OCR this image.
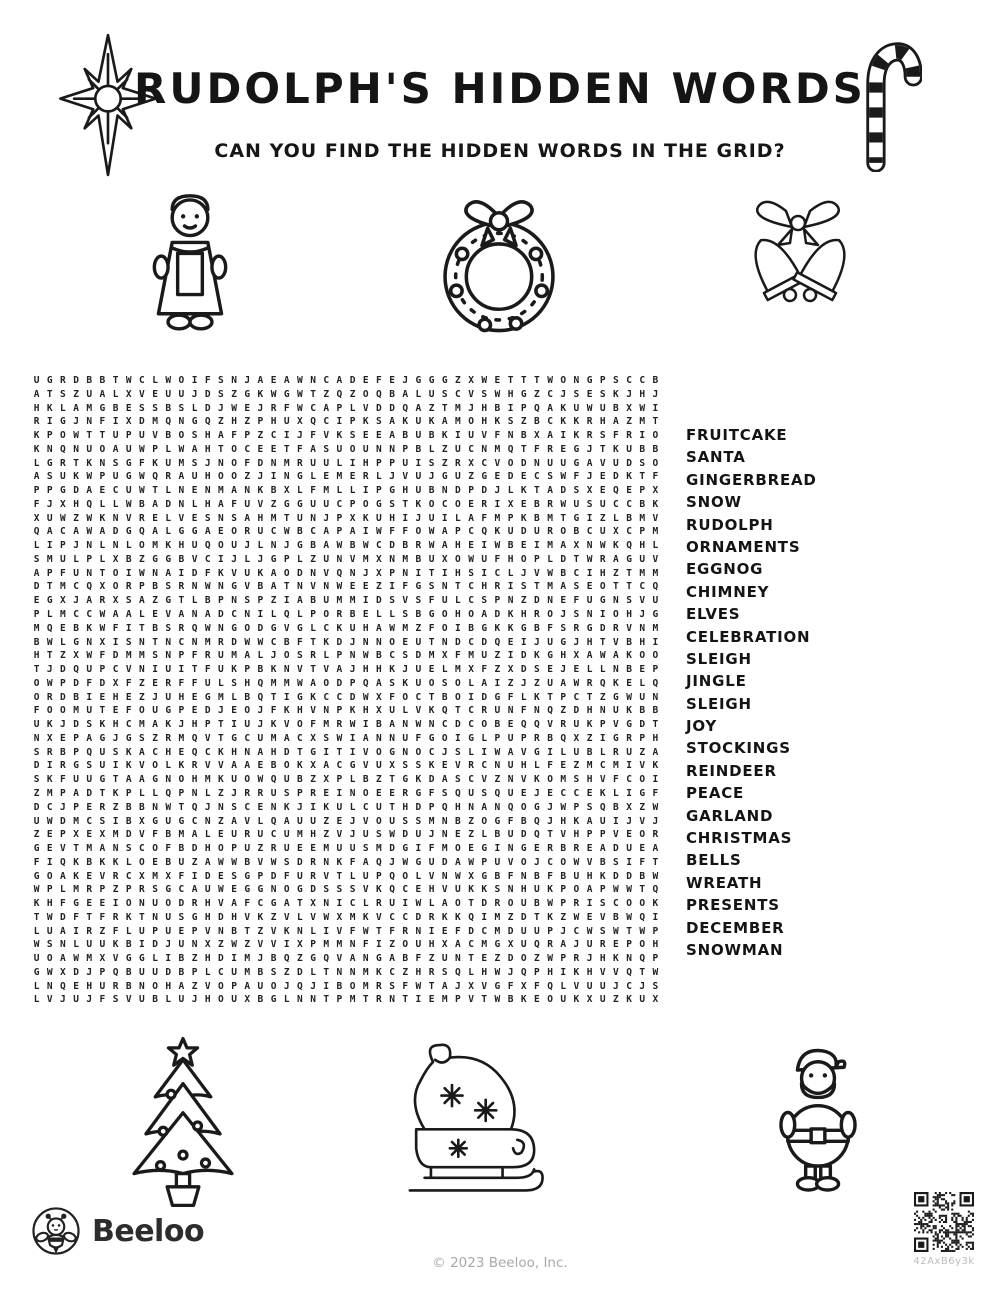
RUDOLPH'S HIDDEN WORDS
CAN YOU FIND THE HIDDEN WORDS IN THE GRID?
U G R D B B T W C L W O I F S N J A E A W N C A D E F E J G G G Z X W E T T T W O N G P S C C B
A T S Z U A L X V E U U J D S Z G K W G W T Z Q Z O Q B A L U S C V S W H G Z C J S E S K J H J
H K L A M G B E S S B S L D J W E J R F W C A P L V D D Q A Z T M J H B I P Q A K U W U B X W I
R I G J N F I X D M Q N G Q Z H Z P H U X Q C I P K S A K U K A M O H K S Z B C K K R H A Z M T
K P O W T T U P U V B O S H A F P Z C I J F V K S E E A B U B K I U V F N B X A I K R S F R I O
K N Q N U O A U W P L W A H T O C E E T F A S U O U N N P B L Z U C N M Q T F R E G J T K U B B
L G R T K N S G F K U M S J N O F D N M R U U L I H P P U I S Z R X C V O D N U U G A V U D S O
A S U K W P U G W Q R A U H O O Z J I N G L E M E R L J V U J G U Z G E D E C S W F J E D K T F
P P G D A E C U W T L N E N M A N K B X L F M L L I P G H U B N D P D J L K T A D S X E Q E P X
F J X H Q L L W B A D N L H A F U V Z G G U U C P O G S T K O C O E R I X E B R W U S U C C B K
X U W Z W K N V R E L V E S N S A H M T U N J P X K U H I J U I L A F M P K B M T G I Z L B M V
Q A C A W A D G Q A L G G A E O R U C W B C A P A I W F F O W A P C Q K U D U R O B C U X C P M
L I P J N L N L O M K H U Q O U J L N J G B A W B W C D B R W A H E I W B E I M A X N W K Q H L
S M U L P L X B Z G G B V C I J L J G P L Z U N V M X N M B U X O W U F H O P L D T W R A G U V
A P F U N T O I W N A I D F K V U K A O D N V Q N J X P N I T I H S I C L J V W B C I H Z T M M
D T M C Q X O R P B S R N W N G V B A T N V N W E E Z I F G S N T C H R I S T M A S E O T T C Q
E G X J A R X S A Z G T L B P N S P Z I A B U M M I D S V S F U L C S P N Z D N E F U G N S V U
P L M C C W A A L E V A N A D C N I L Q L P O R B E L L S B G O H O A D K H R O J S N I O H J G
M Q E B K W F I T B S R Q W N G O D G V G L C K U H A W M Z F O I B G K K G B F S R G D R V N M
B W L G N X I S N T N C N M R D W W C B F T K D J N N O E U T N D C D Q E I J U G J H T V B H I
H T Z X W F D M M S N P F R U M A L J O S R L P N W B C S D M X F M U Z I D K G H X A W A K O O
T J D Q U P C V N I U I T F U K P B K N V T V A J H H K J U E L M X F Z X D S E J E L L N B E P
O W P D F D X F Z E R F F U L S H Q M M W A O D P Q A S K U O S O L A I Z J Z U A W R Q K E L Q
O R D B I E H E Z J U H E G M L B Q T I G K C C D W X F O C T B O I D G F L K T P C T Z G W U N
F O O M U T E F O U G P E D J E O J F K H V N P K H X U L V K Q T C R U N F N Q Z D H N U K B B
U K J D S K H C M A K J H P T I U J K V O F M R W I B A N W N C D C O B E Q Q V R U K P V G D T
N X E P A G J G S Z R M Q V T G C U M A C X S W I A N N U F G O I G L P U P R B Q X Z I G R P H
S R B P Q U S K A C H E Q C K H N A H D T G I T I V O G N O C J S L I W A V G I L U B L R U Z A
D I R G S U I K V O L K R V V A A E B O K X A C G V U X S S K E V R C N U H L F E Z M C M I V K
S K F U U G T A A G N O H M K U O W Q U B Z X P L B Z T G K D A S C V Z N V K O M S H V F C O I
Z M P A D T K P L L Q P N L Z J R R U S P R E I N O E E R G F S Q U S Q U E J E C C E K L I G F
D C J P E R Z B B N W T Q J N S C E N K J I K U L C U T H D P Q H N A N Q O G J W P S Q B X Z W
U W D M C S I B X G U G C N Z A V L Q A U U Z E J V O U S S M N B Z O G F B Q J H K A U I J V J
Z E P X E X M D V F B M A L E U R U C U M H Z V J U S W D U J N E Z L B U D Q T V H P P V E O R
G E V T M A N S C O F B D H O P U Z R U E E M U U S M D G I F M O E G I N G E R B R E A D U E A
F I Q K B K K L O E B U Z A W W B V W S D R N K F A Q J W G U D A W P U V O J C O W V B S I F T
G O A K E V R C X M X F I D E S G P D F U R V T L U P Q O L V N W X G B F N B F B U H K D D B W
W P L M R P Z P R S G C A U W E G G N O G D S S S V K Q C E H V U K K S N H U K P O A P W W T Q
K H F G E E I O N U O D R H V A F C G A T X N I C L R U I W L A O T D R O U B W P R I S C O O K
T W D F T F R K T N U S G H D H V K Z V L V W X M K V C C D R K K Q I M Z D T K Z W E V B W Q I
L U A I R Z F L U P U E P V N B T Z V K N L I V F W T F R N I E F D C M D U U P J C W S W T W P
W S N L U U K B I D J U N X Z W Z V V I X P M M N F I Z O U H X A C M G X U Q R A J U R E P O H
U O A W M X V G G L I B Z H D I M J B Q Z G Q V A N G A B F Z U N T E Z D O Z W P R J H K N Q P
G W X D J P Q B U U D B P L C U M B S Z D L T N N M K C Z H R S Q L H W J Q P H I K H V V Q T W
L N Q E H U R B N O H A Z V O P A U O J Q J I B O M R S F W T A J X V G F X F Q L V U U J C J S
L V J U J F S V U B L U J H O U X B G L N N T P M T R N T I E M P V T W B K E O U K X U Z K U X
FRUITCAKE
SANTA
GINGERBREAD
SNOW
RUDOLPH
ORNAMENTS
EGGNOG
CHIMNEY
ELVES
CELEBRATION
SLEIGH
JINGLE
SLEIGH
JOY
STOCKINGS
REINDEER
PEACE
GARLAND
CHRISTMAS
BELLS
WREATH
PRESENTS
DECEMBER
SNOWMAN
Beeloo
© 2023 Beeloo, Inc.	42AxB6y3k
